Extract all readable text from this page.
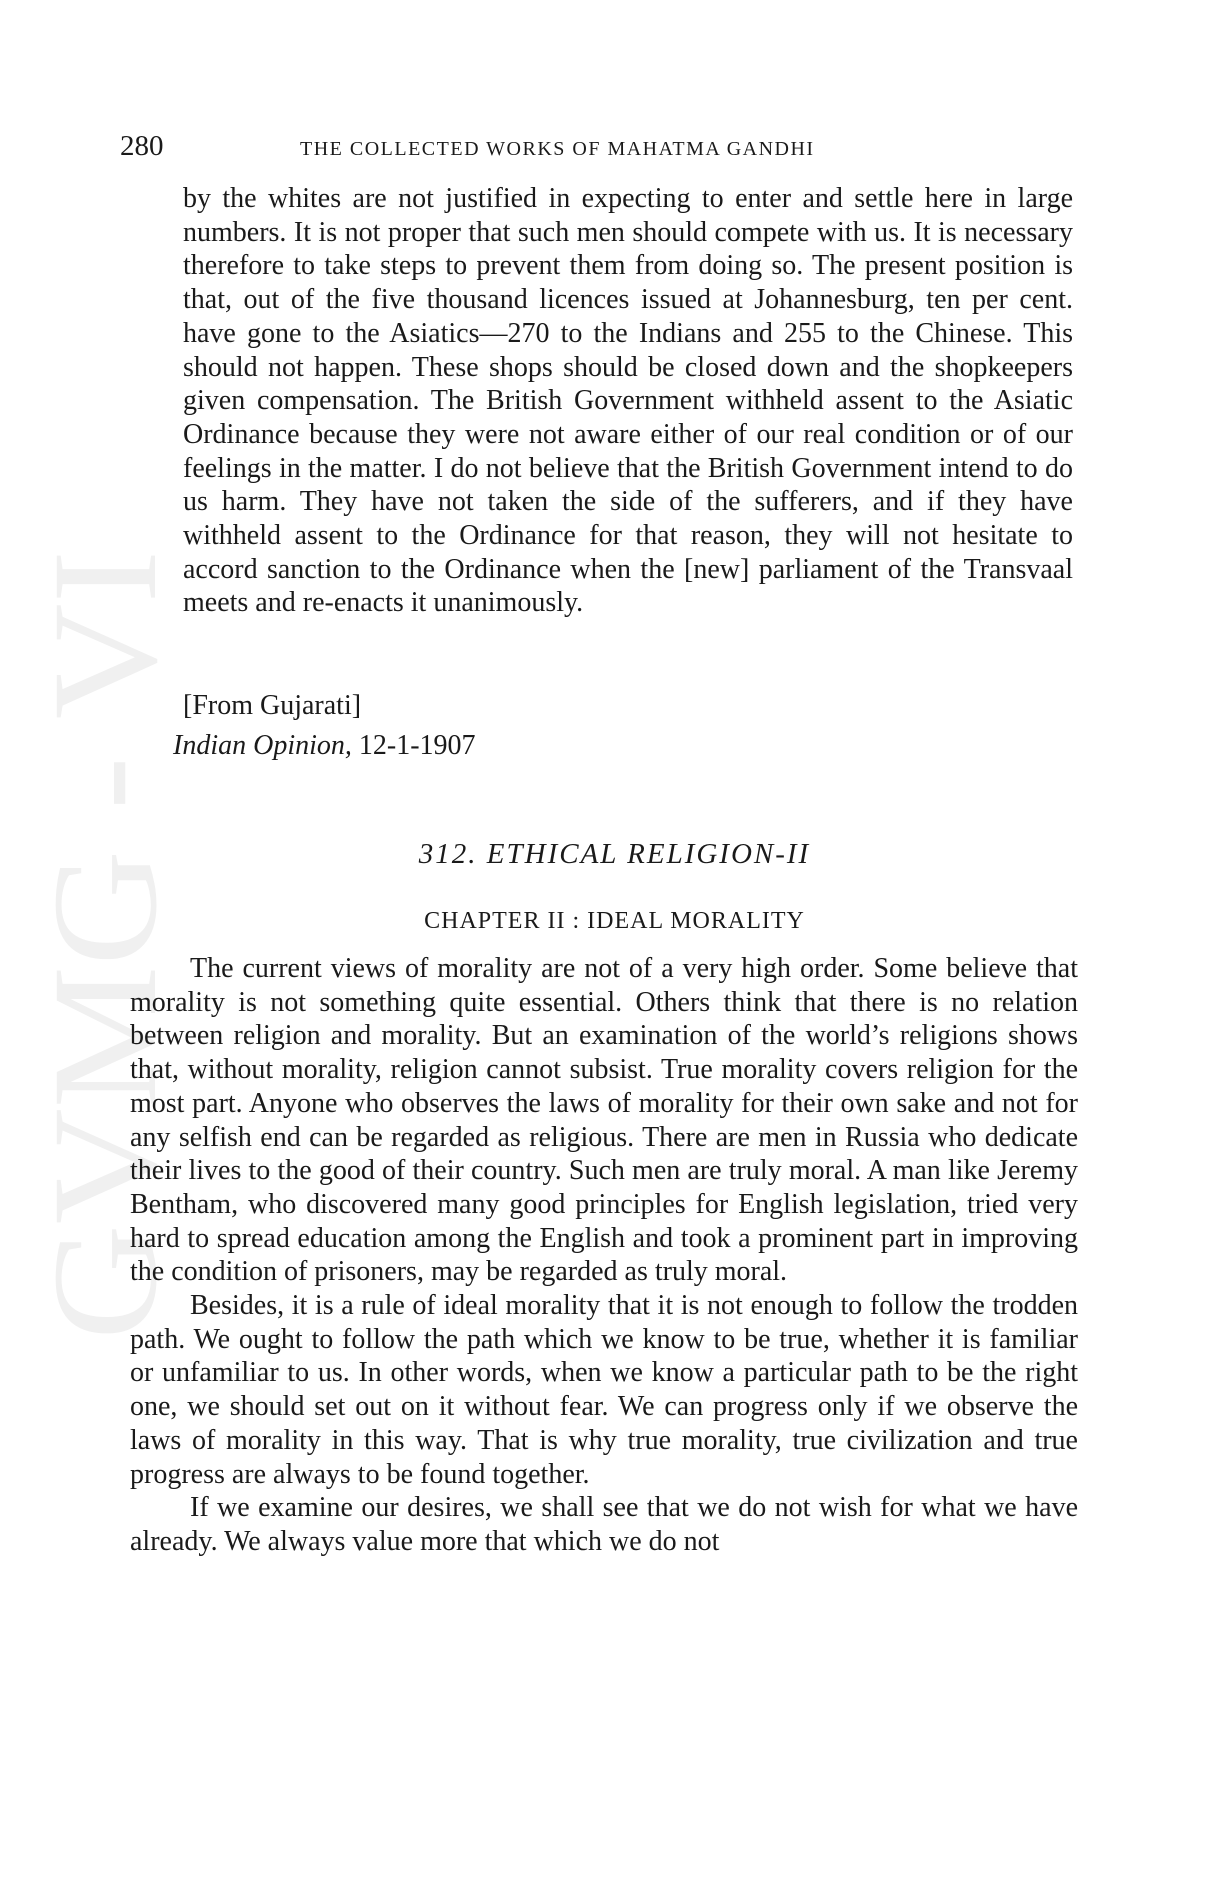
GVMG - VI
280	THE COLLECTED WORKS OF MAHATMA GANDHI

by the whites are not justified in expecting to enter and settle here in large numbers. It is not proper that such men should compete with us. It is necessary therefore to take steps to prevent them from doing so. The present position is that, out of the five thousand licences issued at Johannesburg, ten per cent. have gone to the Asiatics—270 to the Indians and 255 to the Chinese. This should not happen. These shops should be closed down and the shopkeepers given compensation. The British Government withheld assent to the Asiatic Ordinance because they were not aware either of our real condition or of our feelings in the matter. I do not believe that the British Government intend to do us harm. They have not taken the side of the sufferers, and if they have withheld assent to the Ordinance for that reason, they will not hesitate to accord sanction to the Ordinance when the [new] parliament of the Transvaal meets and re-enacts it unanimously.

[From Gujarati]
Indian Opinion, 12-1-1907
312. ETHICAL RELIGION-II
CHAPTER II : IDEAL MORALITY

The current views of morality are not of a very high order. Some believe that morality is not something quite essential. Others think that there is no relation between religion and morality. But an examination of the world’s religions shows that, without morality, religion cannot subsist. True morality covers religion for the most part. Anyone who observes the laws of morality for their own sake and not for any selfish end can be regarded as religious. There are men in Russia who dedicate their lives to the good of their country. Such men are truly moral. A man like Jeremy Bentham, who discovered many good principles for English legislation, tried very hard to spread education among the English and took a prominent part in improving the condition of prisoners, may be regarded as truly moral.

Besides, it is a rule of ideal morality that it is not enough to follow the trodden path. We ought to follow the path which we know to be true, whether it is familiar or unfamiliar to us. In other words, when we know a particular path to be the right one, we should set out on it without fear. We can progress only if we observe the laws of morality in this way. That is why true morality, true civilization and true progress are always to be found together.

If we examine our desires, we shall see that we do not wish for what we have already. We always value more that which we do not
